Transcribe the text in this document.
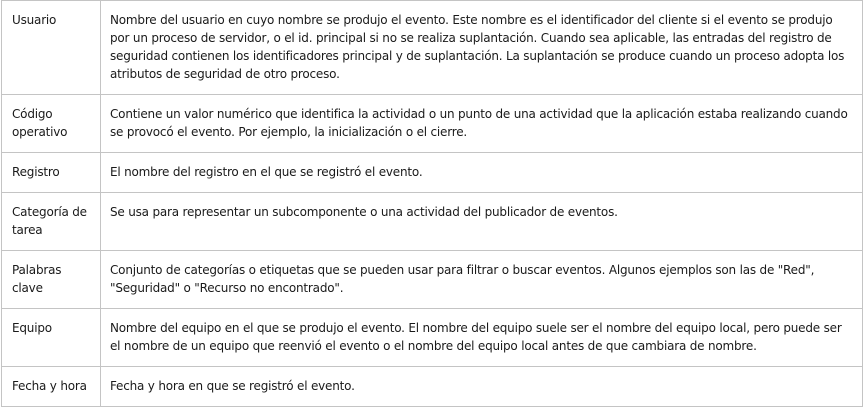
Usuario	Nombre del usuario en cuyo nombre se produjo el evento. Este nombre es el identificador del cliente si el evento se produjo por un proceso de servidor, o el id. principal si no se realiza suplantación. Cuando sea aplicable, las entradas del registro de seguridad contienen los identificadores principal y de suplantación. La suplantación se produce cuando un proceso adopta los atributos de seguridad de otro proceso.
Código operativo	Contiene un valor numérico que identifica la actividad o un punto de una actividad que la aplicación estaba realizando cuando se provocó el evento. Por ejemplo, la inicialización o el cierre.
Registro	El nombre del registro en el que se registró el evento.
Categoría de tarea	Se usa para representar un subcomponente o una actividad del publicador de eventos.
Palabras clave	Conjunto de categorías o etiquetas que se pueden usar para filtrar o buscar eventos. Algunos ejemplos son las de "Red", "Seguridad" o "Recurso no encontrado".
Equipo	Nombre del equipo en el que se produjo el evento. El nombre del equipo suele ser el nombre del equipo local, pero puede ser el nombre de un equipo que reenvió el evento o el nombre del equipo local antes de que cambiara de nombre.
Fecha y hora	Fecha y hora en que se registró el evento.
